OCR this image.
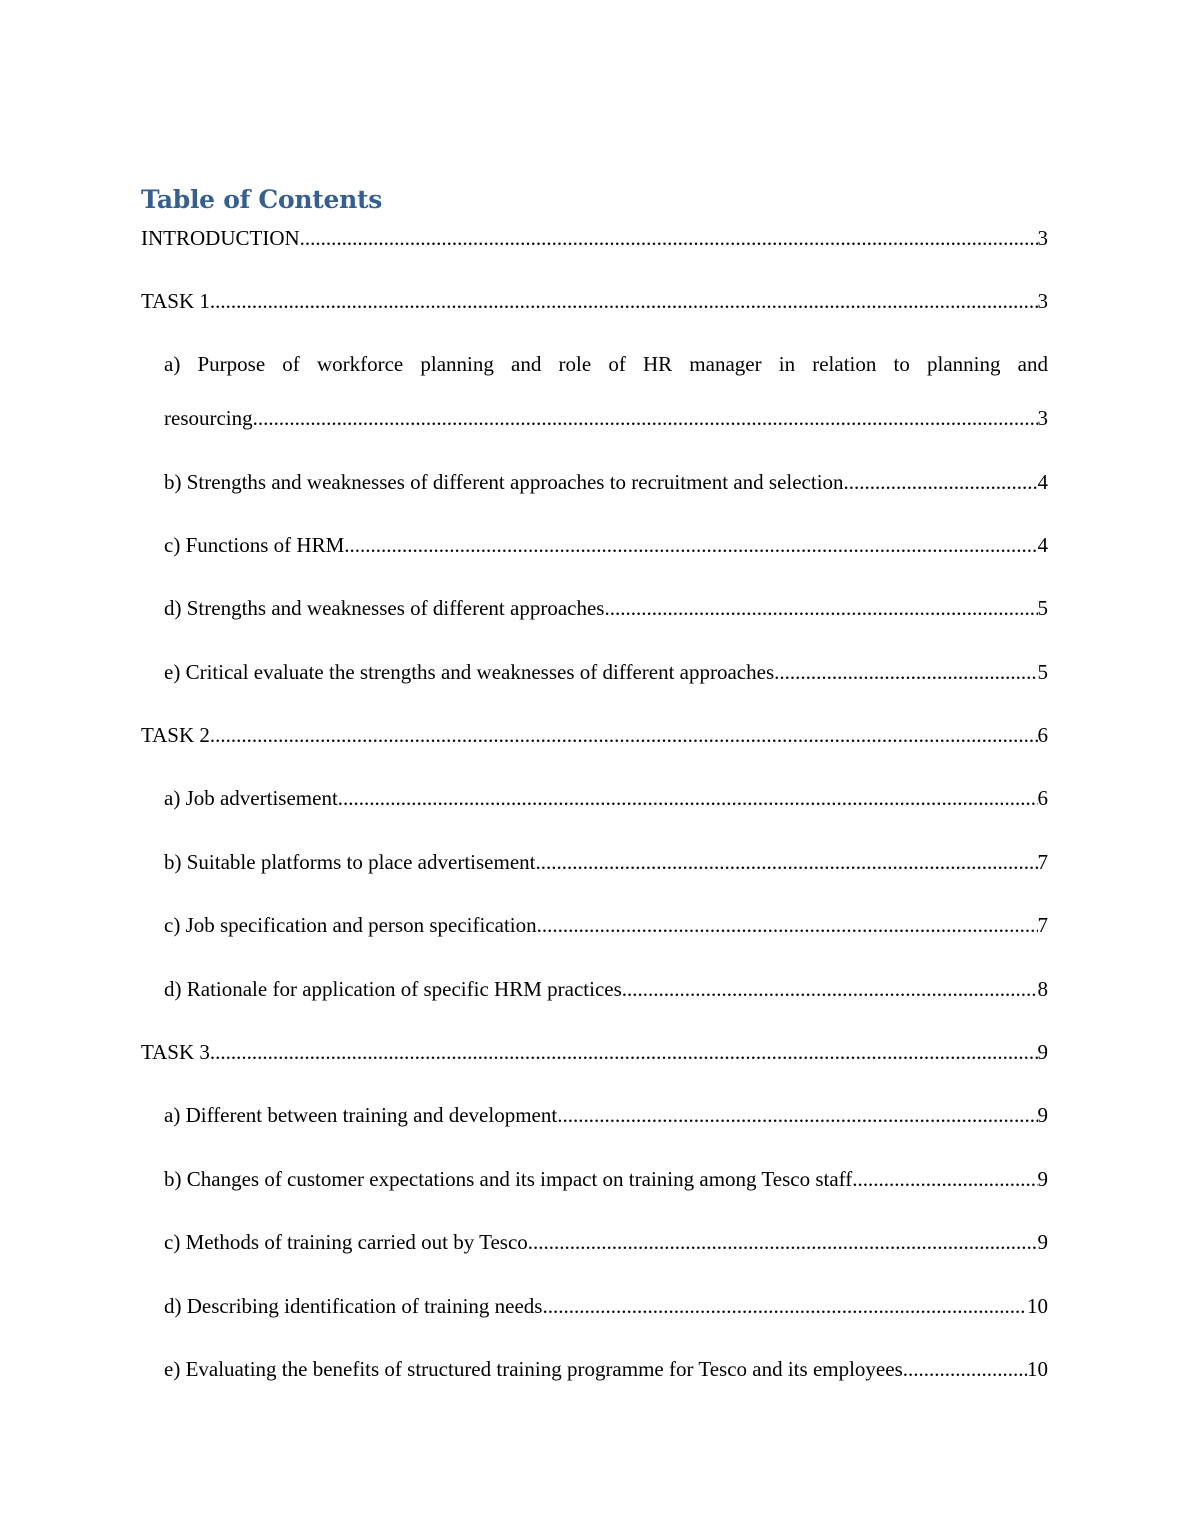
Table of Contents
INTRODUCTION .....	3
TASK 1 .....	3
a) Purpose of workforce planning and role of HR manager in relation to planning and
resourcing .....	3
b) Strengths and weaknesses of different approaches to recruitment and selection .....	4
c) Functions of HRM .....	4
d) Strengths and weaknesses of different approaches .....	5
e) Critical evaluate the strengths and weaknesses of different approaches .....	5
TASK 2 .....	6
a) Job advertisement .....	6
b) Suitable platforms to place advertisement .....	7
c) Job specification and person specification .....	7
d) Rationale for application of specific HRM practices .....	8
TASK 3 .....	9
a) Different between training and development .....	9
b) Changes of customer expectations and its impact on training among Tesco staff .....	9
c) Methods of training carried out by Tesco .....	9
d) Describing identification of training needs .....	10
e) Evaluating the benefits of structured training programme for Tesco and its employees .....	10
